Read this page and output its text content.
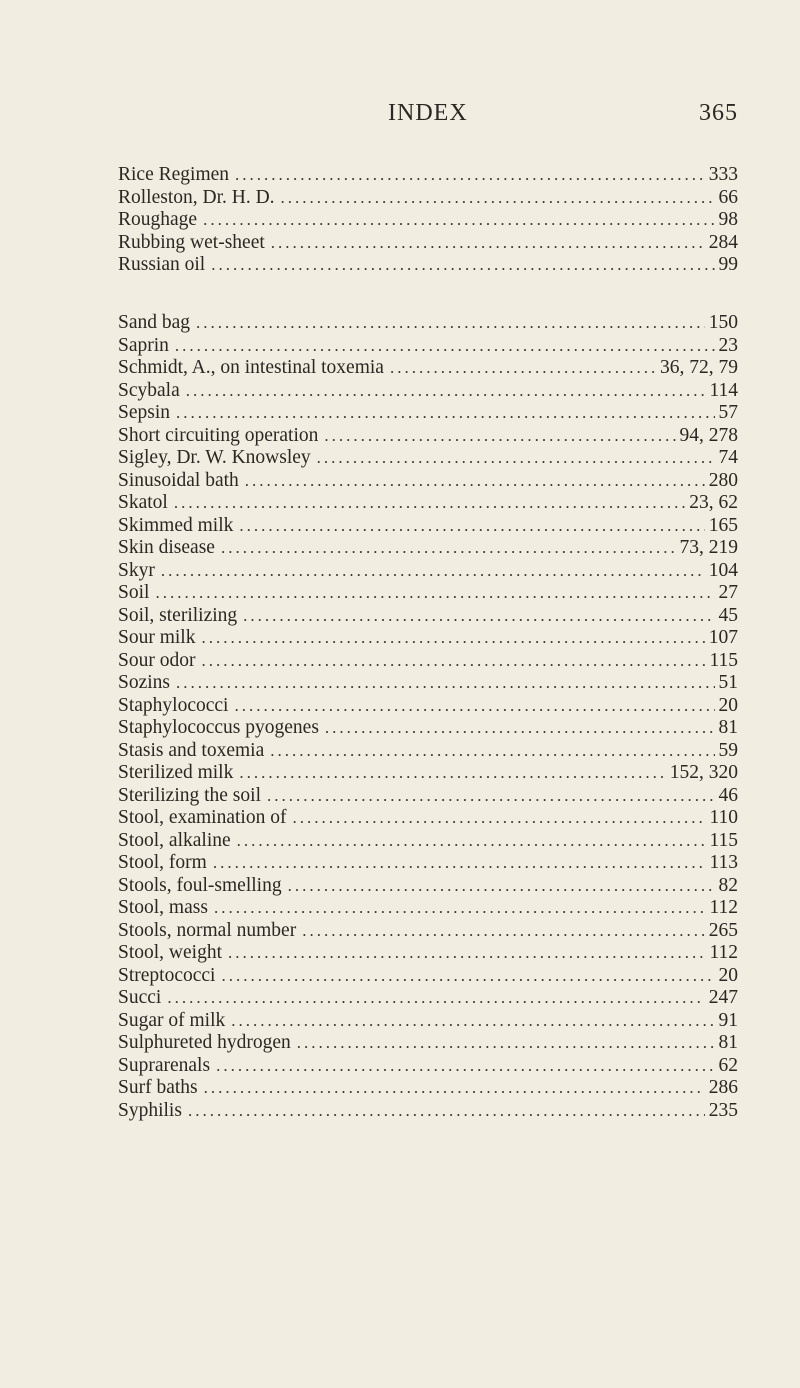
INDEX	365
Rice Regimen .....	333
Rolleston, Dr. H. D. .....	66
Roughage .....	98
Rubbing wet-sheet .....	284
Russian oil .....	99
Sand bag .....	150
Saprin .....	23
Schmidt, A., on intestinal toxemia .....	36, 72, 79
Scybala .....	114
Sepsin .....	57
Short circuiting operation .....	94, 278
Sigley, Dr. W. Knowsley .....	74
Sinusoidal bath .....	280
Skatol .....	23, 62
Skimmed milk .....	165
Skin disease .....	73, 219
Skyr .....	104
Soil .....	27
Soil, sterilizing .....	45
Sour milk .....	107
Sour odor .....	115
Sozins .....	51
Staphylococci .....	20
Staphylococcus pyogenes .....	81
Stasis and toxemia .....	59
Sterilized milk .....	152, 320
Sterilizing the soil .....	46
Stool, examination of .....	110
Stool, alkaline .....	115
Stool, form .....	113
Stools, foul-smelling .....	82
Stool, mass .....	112
Stools, normal number .....	265
Stool, weight .....	112
Streptococci .....	20
Succi .....	247
Sugar of milk .....	91
Sulphureted hydrogen .....	81
Suprarenals .....	62
Surf baths .....	286
Syphilis .....	235
